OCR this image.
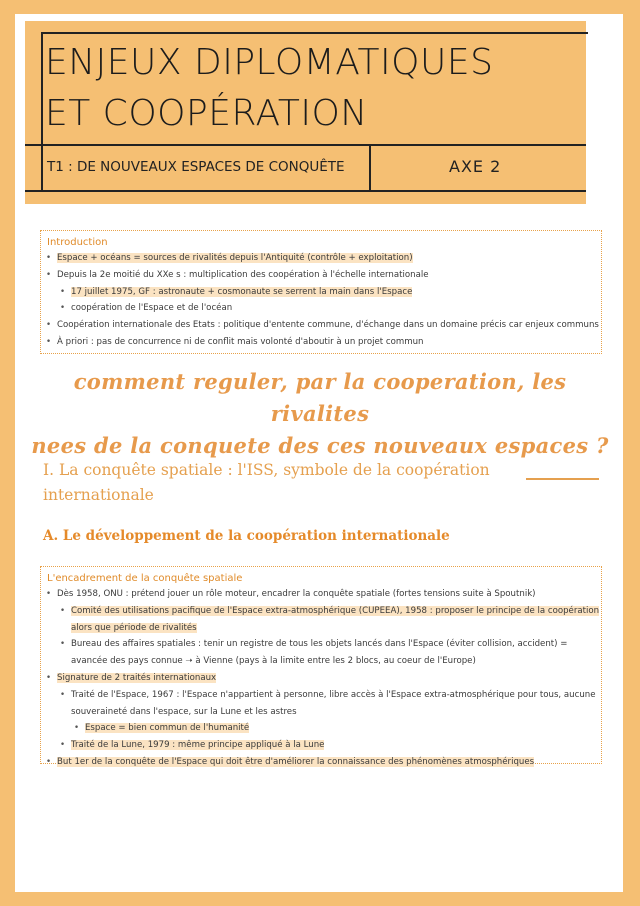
ENJEUX DIPLOMATIQUES
ET COOPÉRATION
T1 : DE NOUVEAUX ESPACES DE CONQUÊTE	AXE 2
Introduction
• Espace + océans = sources de rivalités depuis l'Antiquité (contrôle + exploitation)
• Depuis la 2e moitié du XXe s : multiplication des coopération à l'échelle internationale
• 17 juillet 1975, GF : astronaute + cosmonaute se serrent la main dans l'Espace
• coopération de l'Espace et de l'océan
• Coopération internationale des Etats : politique d'entente commune, d'échange dans un domaine précis car enjeux communs
• À priori : pas de concurrence ni de conflit mais volonté d'aboutir à un projet commun
comment reguler, par la cooperation, les rivalites
nees de la conquete des ces nouveaux espaces ?
I. La conquête spatiale : l'ISS, symbole de la coopération internationale
A. Le développement de la coopération internationale
L'encadrement de la conquête spatiale
• Dès 1958, ONU : prétend jouer un rôle moteur, encadrer la conquête spatiale (fortes tensions suite à Spoutnik)
• Comité des utilisations pacifique de l'Espace extra-atmosphérique (CUPEEA), 1958 : proposer le principe de la coopération alors que période de rivalités
• Bureau des affaires spatiales : tenir un registre de tous les objets lancés dans l'Espace (éviter collision, accident) = avancée des pays connue ➝ à Vienne (pays à la limite entre les 2 blocs, au coeur de l'Europe)
• Signature de 2 traités internationaux
• Traité de l'Espace, 1967 : l'Espace n'appartient à personne, libre accès à l'Espace extra-atmosphérique pour tous, aucune souveraineté dans l'espace, sur la Lune et les astres
• Espace = bien commun de l'humanité
• Traité de la Lune, 1979 : même principe appliqué à la Lune
• But 1er de la conquête de l'Espace qui doit être d'améliorer la connaissance des phénomènes atmosphériques
